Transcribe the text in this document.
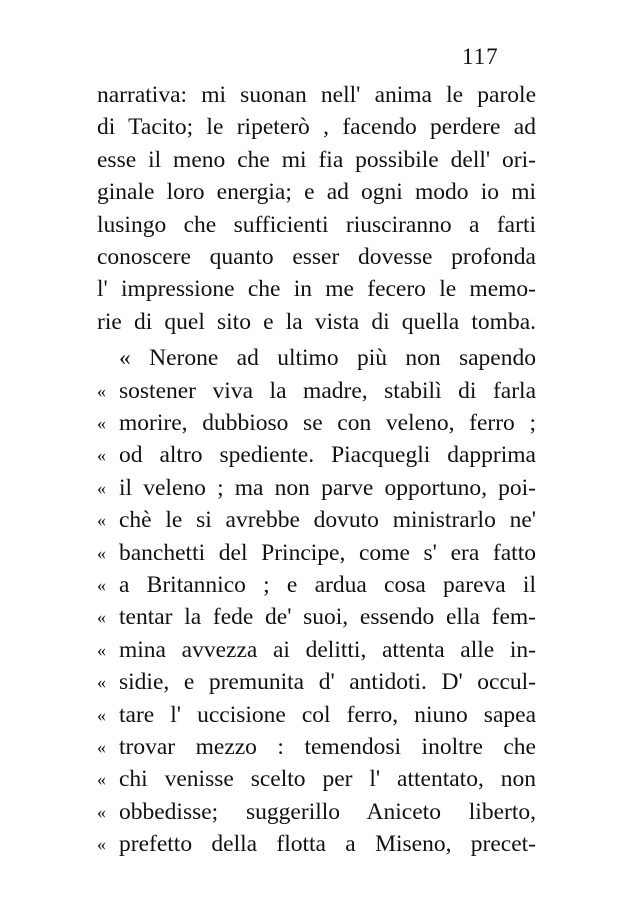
117
narrativa: mi suonan nell' anima le parole
di Tacito; le ripeterò , facendo perdere ad
esse il meno che mi fia possibile dell' ori-
ginale loro energia; e ad ogni modo io mi
lusingo che sufficienti riusciranno a farti
conoscere quanto esser dovesse profonda
l' impressione che in me fecero le memo-
rie di quel sito e la vista di quella tomba.
« Nerone ad ultimo più non sapendo
« sostener viva la madre, stabilì di farla
« morire, dubbioso se con veleno, ferro ;
« od altro spediente. Piacquegli dapprima
« il veleno ; ma non parve opportuno, poi-
« chè le si avrebbe dovuto ministrarlo ne'
« banchetti del Principe, come s' era fatto
« a Britannico ; e ardua cosa pareva il
« tentar la fede de' suoi, essendo ella fem-
« mina avvezza ai delitti, attenta alle in-
« sidie, e premunita d' antidoti. D' occul-
« tare l' uccisione col ferro, niuno sapea
« trovar mezzo : temendosi inoltre che
« chi venisse scelto per l' attentato, non
« obbedisse; suggerillo Aniceto liberto,
« prefetto della flotta a Miseno, precet-
